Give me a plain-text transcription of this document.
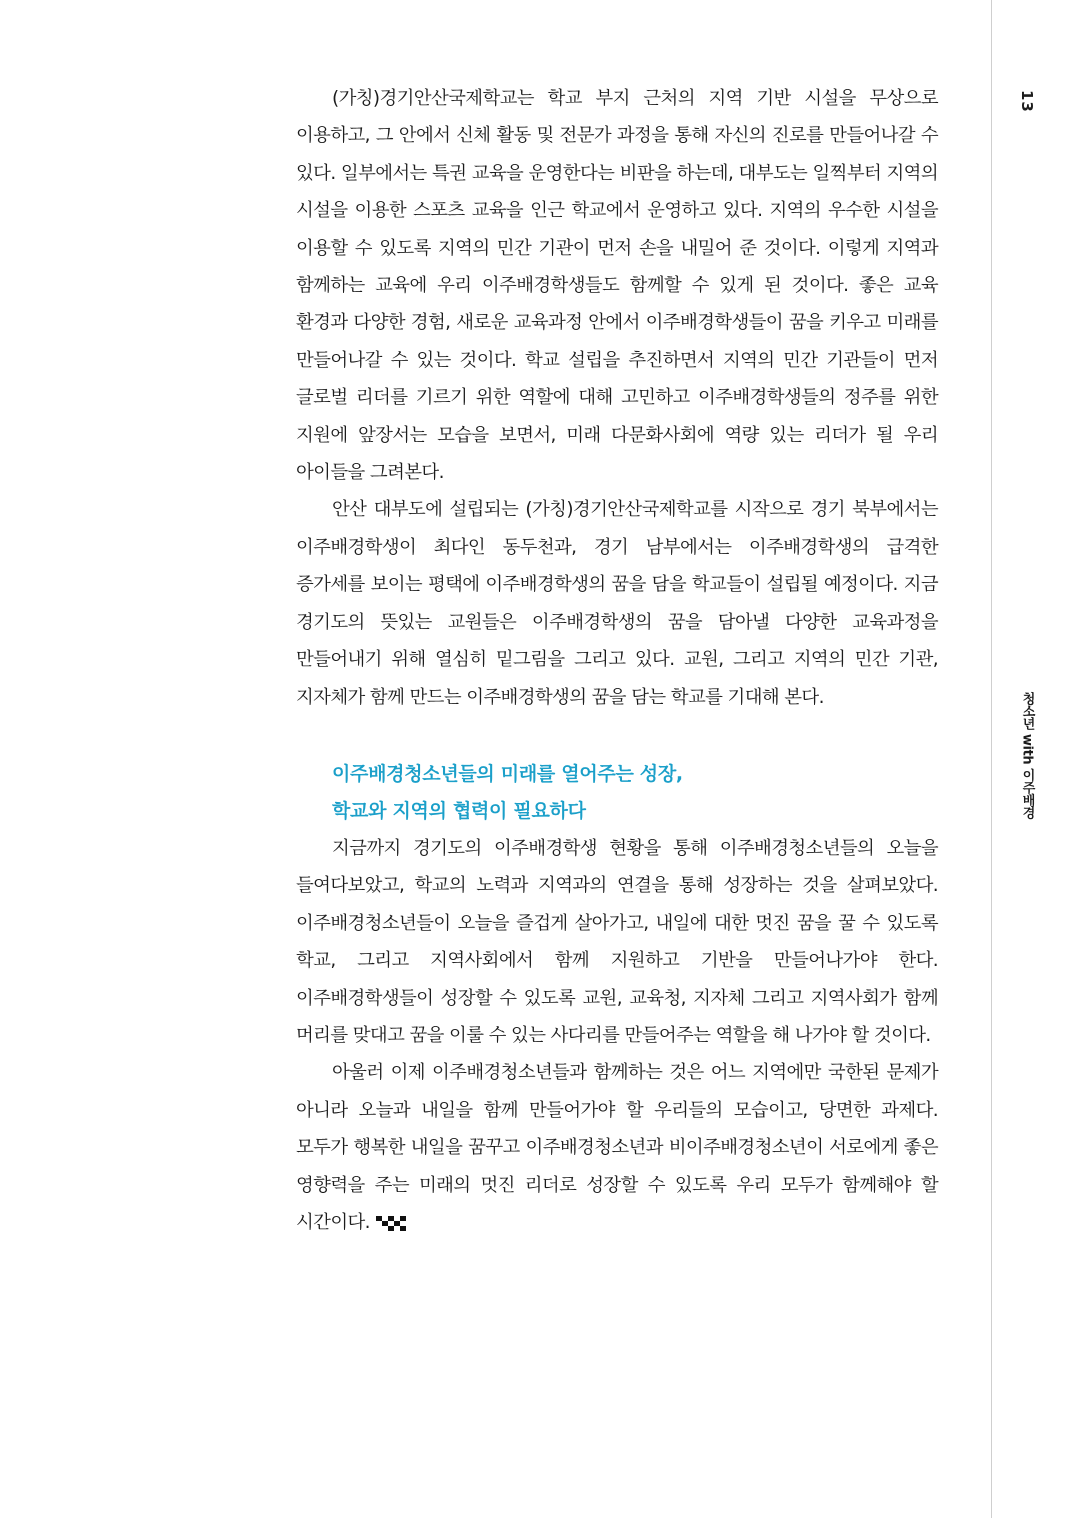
(가칭)경기안산국제학교는 학교 부지 근처의 지역 기반 시설을 무상으로 이용하고, 그 안에서 신체 활동 및 전문가 과정을 통해 자신의 진로를 만들어나갈 수 있다. 일부에서는 특권 교육을 운영한다는 비판을 하는데, 대부도는 일찍부터 지역의 시설을 이용한 스포츠 교육을 인근 학교에서 운영하고 있다. 지역의 우수한 시설을 이용할 수 있도록 지역의 민간 기관이 먼저 손을 내밀어 준 것이다. 이렇게 지역과 함께하는 교육에 우리 이주배경학생들도 함께할 수 있게 된 것이다. 좋은 교육 환경과 다양한 경험, 새로운 교육과정 안에서 이주배경학생들이 꿈을 키우고 미래를 만들어나갈 수 있는 것이다. 학교 설립을 추진하면서 지역의 민간 기관들이 먼저 글로벌 리더를 기르기 위한 역할에 대해 고민하고 이주배경학생들의 정주를 위한 지원에 앞장서는 모습을 보면서, 미래 다문화사회에 역량 있는 리더가 될 우리 아이들을 그려본다.

안산 대부도에 설립되는 (가칭)경기안산국제학교를 시작으로 경기 북부에서는 이주배경학생이 최다인 동두천과, 경기 남부에서는 이주배경학생의 급격한 증가세를 보이는 평택에 이주배경학생의 꿈을 담을 학교들이 설립될 예정이다. 지금 경기도의 뜻있는 교원들은 이주배경학생의 꿈을 담아낼 다양한 교육과정을 만들어내기 위해 열심히 밑그림을 그리고 있다. 교원, 그리고 지역의 민간 기관, 지자체가 함께 만드는 이주배경학생의 꿈을 담는 학교를 기대해 본다.

이주배경청소년들의 미래를 열어주는 성장,
학교와 지역의 협력이 필요하다

지금까지 경기도의 이주배경학생 현황을 통해 이주배경청소년들의 오늘을 들여다보았고, 학교의 노력과 지역과의 연결을 통해 성장하는 것을 살펴보았다. 이주배경청소년들이 오늘을 즐겁게 살아가고, 내일에 대한 멋진 꿈을 꿀 수 있도록 학교, 그리고 지역사회에서 함께 지원하고 기반을 만들어나가야 한다. 이주배경학생들이 성장할 수 있도록 교원, 교육청, 지자체 그리고 지역사회가 함께 머리를 맞대고 꿈을 이룰 수 있는 사다리를 만들어주는 역할을 해 나가야 할 것이다.

아울러 이제 이주배경청소년들과 함께하는 것은 어느 지역에만 국한된 문제가 아니라 오늘과 내일을 함께 만들어가야 할 우리들의 모습이고, 당면한 과제다. 모두가 행복한 내일을 꿈꾸고 이주배경청소년과 비이주배경청소년이 서로에게 좋은 영향력을 주는 미래의 멋진 리더로 성장할 수 있도록 우리 모두가 함께해야 할 시간이다.

13
청소년 with 이주배경
